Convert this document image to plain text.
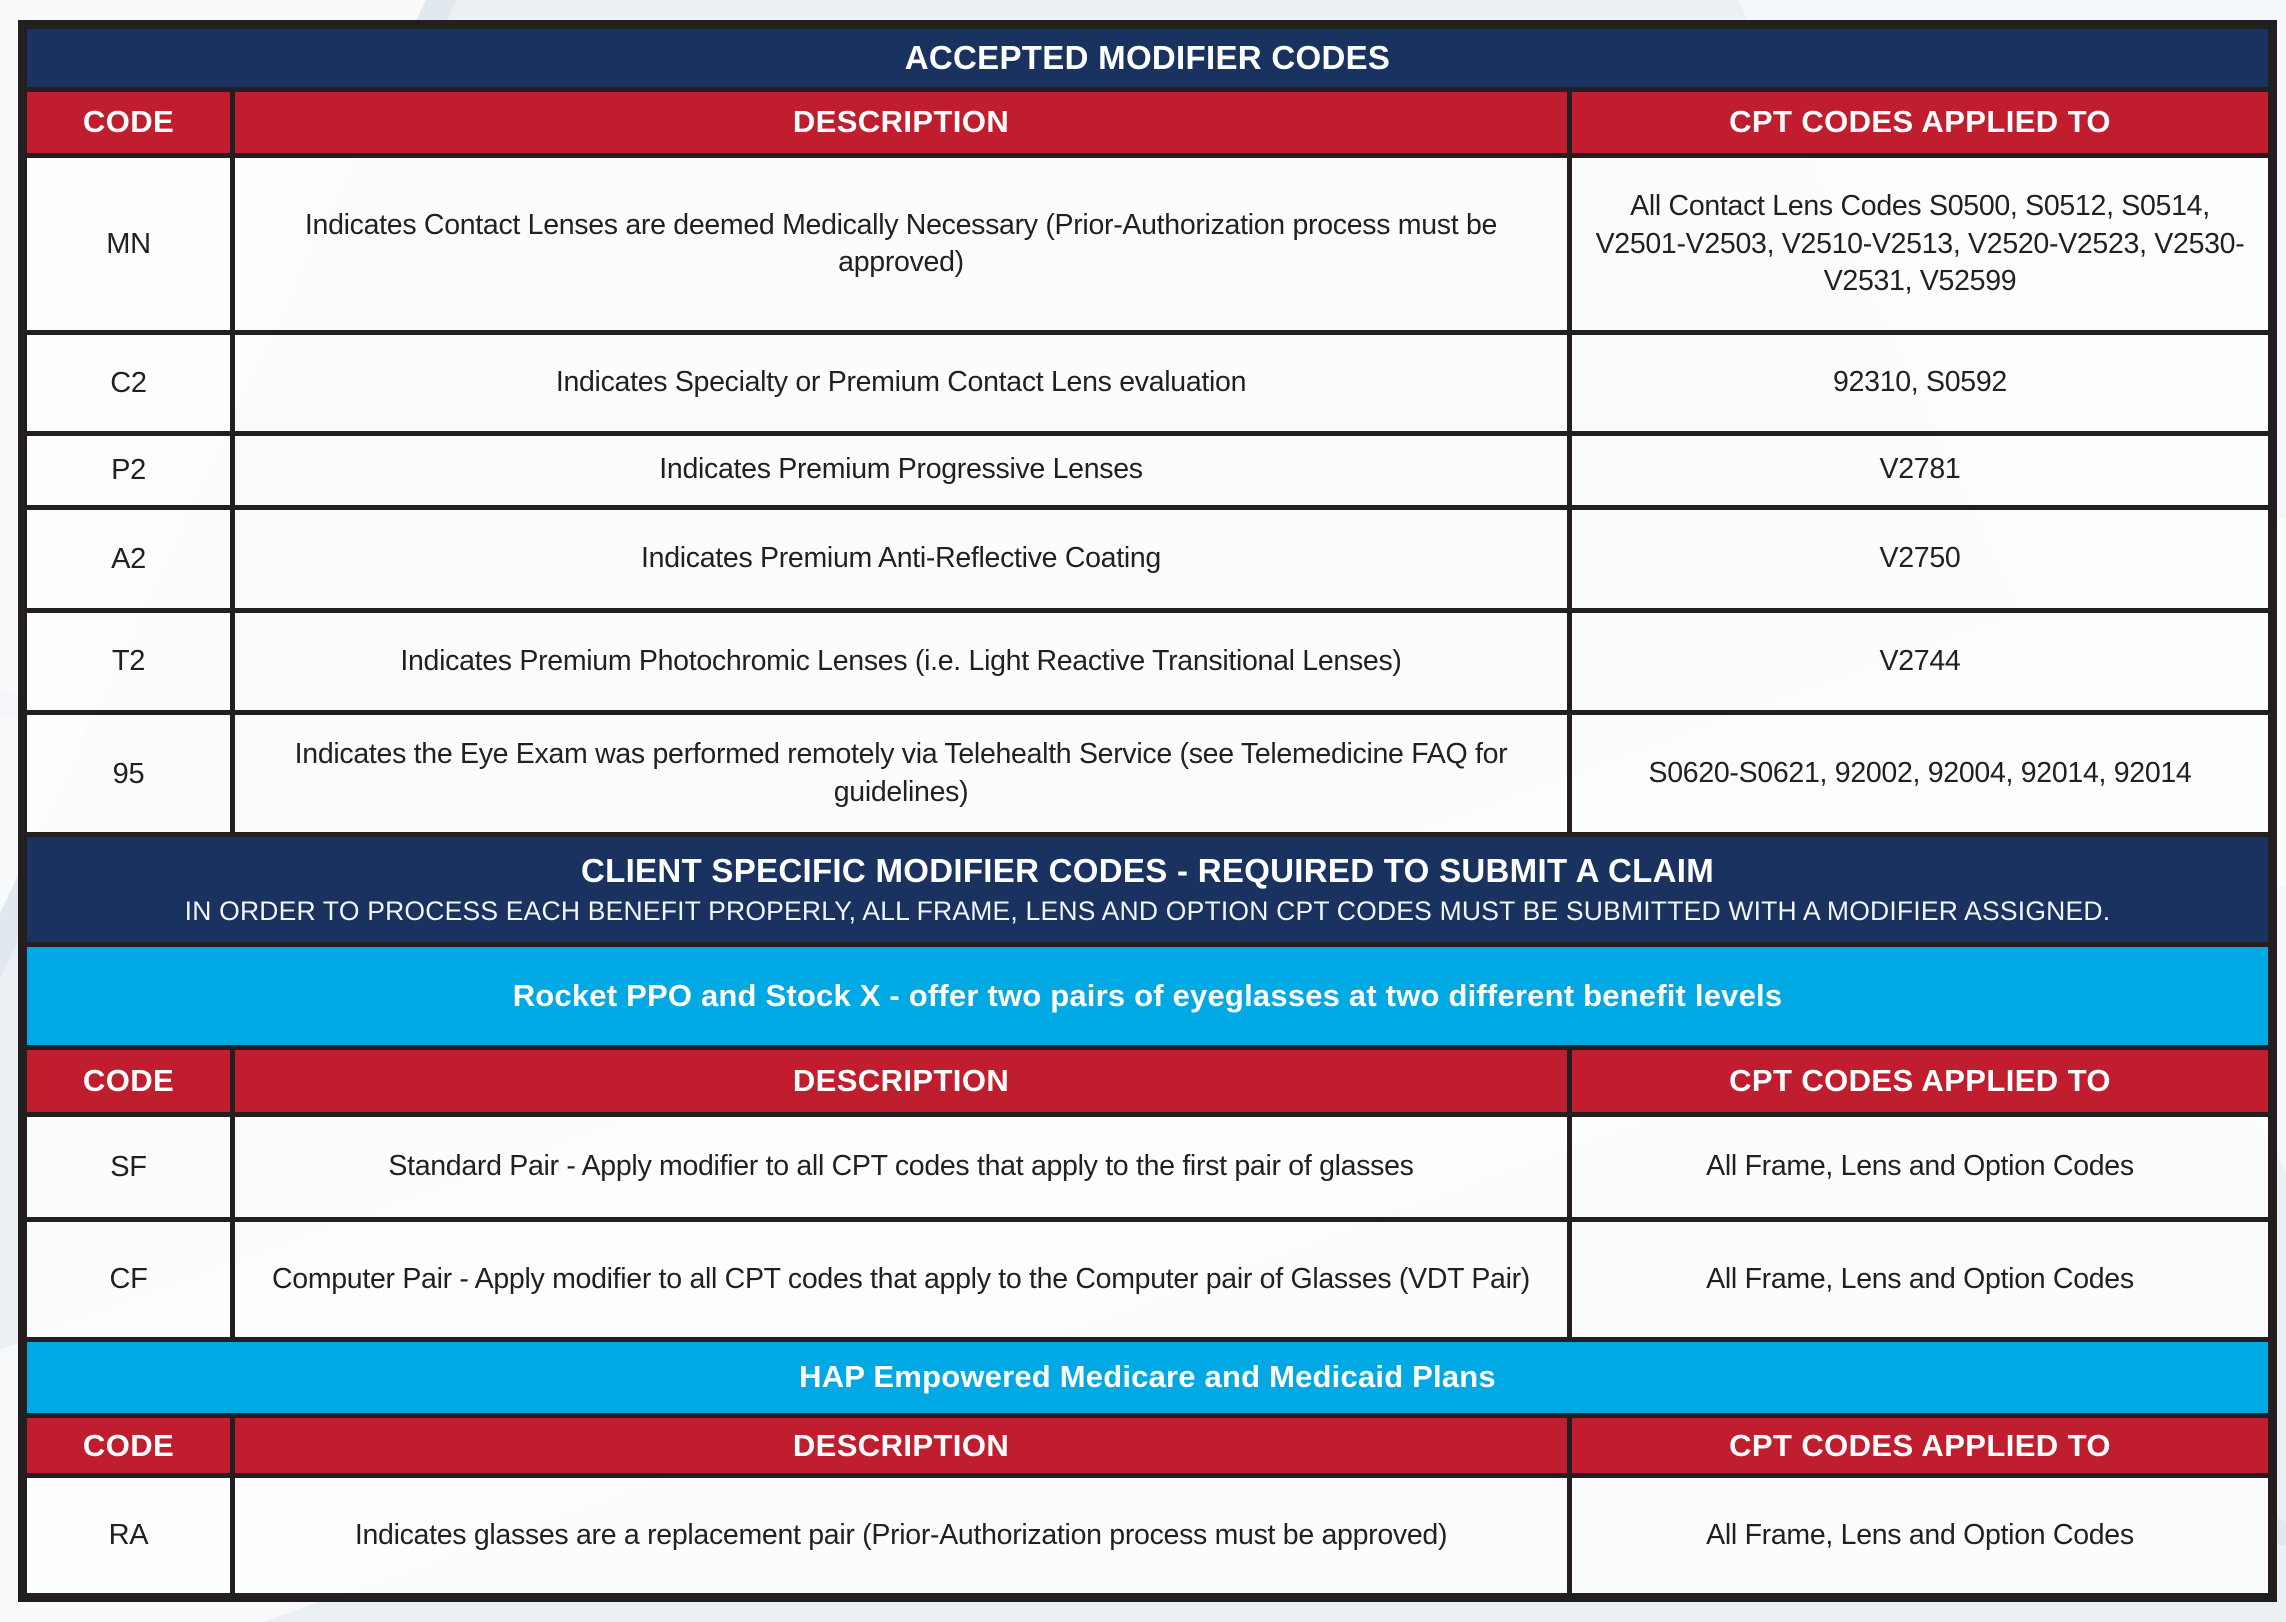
ACCEPTED MODIFIER CODES		
CODE	DESCRIPTION	CPT CODES APPLIED TO
MN	Indicates Contact Lenses are deemed Medically Necessary (Prior-Authorization process must be approved)	All Contact Lens Codes S0500, S0512, S0514, V2501-V2503, V2510-V2513, V2520-V2523, V2530-V2531, V52599
C2	Indicates Specialty or Premium Contact Lens evaluation	92310, S0592
P2	Indicates Premium Progressive Lenses	V2781
A2	Indicates Premium Anti-Reflective Coating	V2750
T2	Indicates Premium Photochromic Lenses (i.e. Light Reactive Transitional Lenses)	V2744
95	Indicates the Eye Exam was performed remotely via Telehealth Service (see Telemedicine FAQ for guidelines)	S0620-S0621, 92002, 92004, 92014, 92014
CLIENT SPECIFIC MODIFIER CODES - REQUIRED TO SUBMIT A CLAIM
IN ORDER TO PROCESS EACH BENEFIT PROPERLY, ALL FRAME, LENS AND OPTION CPT CODES MUST BE SUBMITTED WITH A MODIFIER ASSIGNED.		

Rocket PPO and Stock X - offer two pairs of eyeglasses at two different benefit levels		
CODE	DESCRIPTION	CPT CODES APPLIED TO
SF	Standard Pair - Apply modifier to all CPT codes that apply to the first pair of glasses	All Frame, Lens and Option Codes
CF	Computer Pair - Apply modifier to all CPT codes that apply to the Computer pair of Glasses (VDT Pair)	All Frame, Lens and Option Codes
HAP Empowered Medicare and Medicaid Plans		
CODE	DESCRIPTION	CPT CODES APPLIED TO
RA	Indicates glasses are a replacement pair (Prior-Authorization process must be approved)	All Frame, Lens and Option Codes
